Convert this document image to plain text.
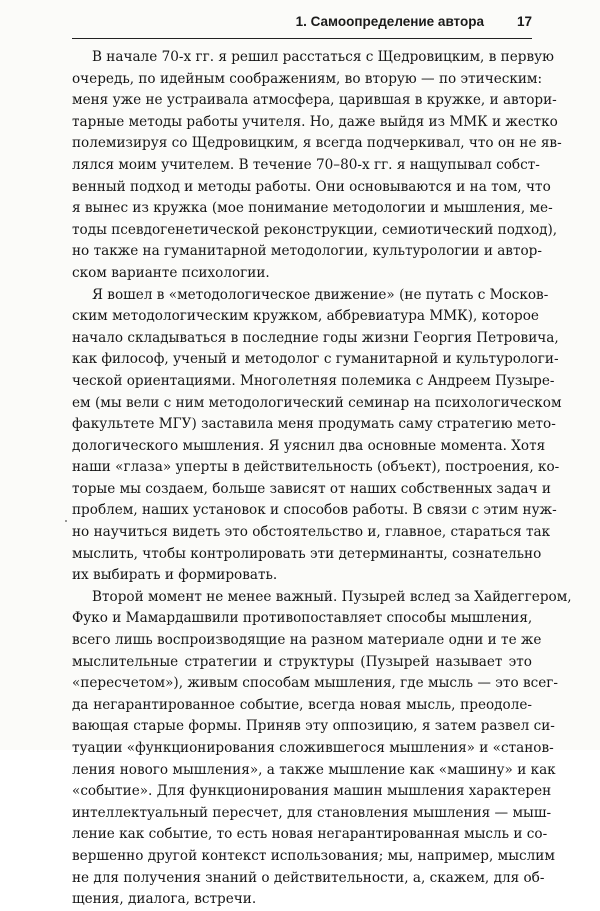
1. Самоопределение автора 17
В начале 70-х гг. я решил расстаться с Щедровицким, в первую
очередь, по идейным соображениям, во вторую — по этическим:
меня уже не устраивала атмосфера, царившая в кружке, и автори-
тарные методы работы учителя. Но, даже выйдя из ММК и жестко
полемизируя со Щедровицким, я всегда подчеркивал, что он не яв-
лялся моим учителем. В течение 70–80-х гг. я нащупывал собст-
венный подход и методы работы. Они основываются и на том, что
я вынес из кружка (мое понимание методологии и мышления, ме-
тоды псевдогенетической реконструкции, семиотический подход),
но также на гуманитарной методологии, культурологии и автор-
ском варианте психологии.
Я вошел в «методологическое движение» (не путать с Москов-
ским методологическим кружком, аббревиатура ММК), которое
начало складываться в последние годы жизни Георгия Петровича,
как философ, ученый и методолог с гуманитарной и культурологи-
ческой ориентациями. Многолетняя полемика с Андреем Пузыре-
ем (мы вели с ним методологический семинар на психологическом
факультете МГУ) заставила меня продумать саму стратегию мето-
дологического мышления. Я уяснил два основные момента. Хотя
наши «глаза» уперты в действительность (объект), построения, ко-
торые мы создаем, больше зависят от наших собственных задач и
проблем, наших установок и способов работы. В связи с этим нуж-
но научиться видеть это обстоятельство и, главное, стараться так
мыслить, чтобы контролировать эти детерминанты, сознательно
их выбирать и формировать.
Второй момент не менее важный. Пузырей вслед за Хайдеггером,
Фуко и Мамардашвили противопоставляет способы мышления,
всего лишь воспроизводящие на разном материале одни и те же
мыслительные стратегии и структуры (Пузырей называет это
«пересчетом»), живым способам мышления, где мысль — это всег-
да негарантированное событие, всегда новая мысль, преодоле-
вающая старые формы. Приняв эту оппозицию, я затем развел си-
туации «функционирования сложившегося мышления» и «станов-
ления нового мышления», а также мышление как «машину» и как
«событие». Для функционирования машин мышления характерен
интеллектуальный пересчет, для становления мышления — мыш-
ление как событие, то есть новая негарантированная мысль и со-
вершенно другой контекст использования; мы, например, мыслим
не для получения знаний о действительности, а, скажем, для об-
щения, диалога, встречи.
